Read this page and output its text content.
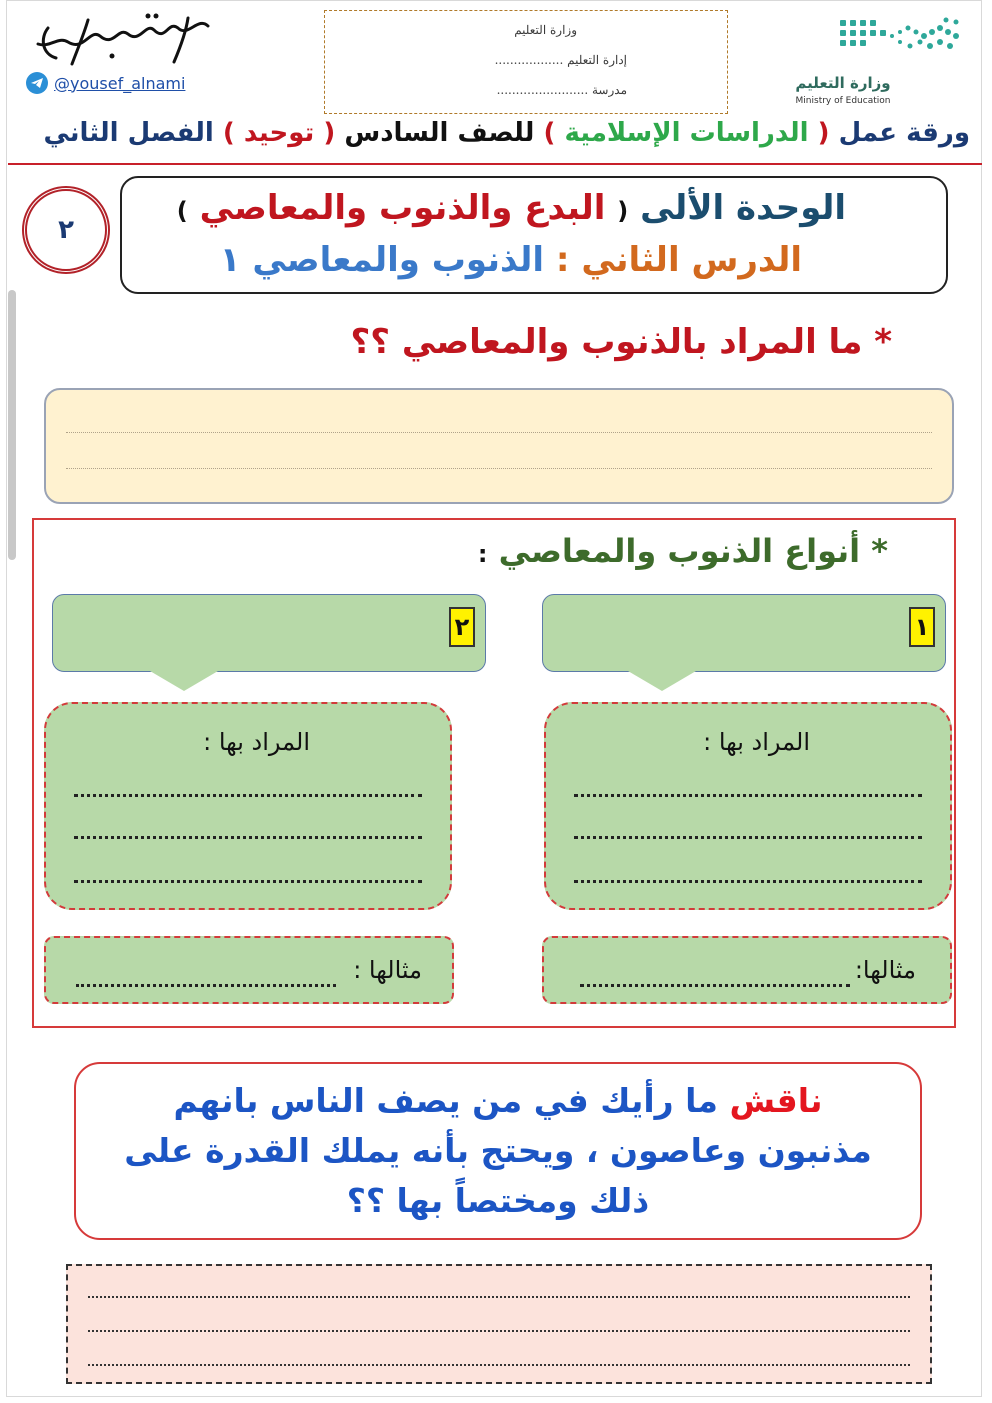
@yousef_alnami
وزارة التعليم
إدارة التعليم ..................
مدرسة ........................	وزارة التعليم
Ministry of Education
ورقة عمل ( الدراسات الإسلامية ) للصف السادس ( توحيد ) الفصل الثاني
الوحدة الألى ( البدع والذنوب والمعاصي )
الدرس الثاني : الذنوب والمعاصي ١
٢
* ما المراد بالذنوب والمعاصي ؟؟
* أنواع الذنوب والمعاصي :
١
٢
المراد بها :
المراد بها :
مثالها:
مثالها :
ناقش ما رأيك في من يصف الناس بانهم مذنبون وعاصون ، ويحتج بأنه يملك القدرة على ذلك ومختصاً بها ؟؟
